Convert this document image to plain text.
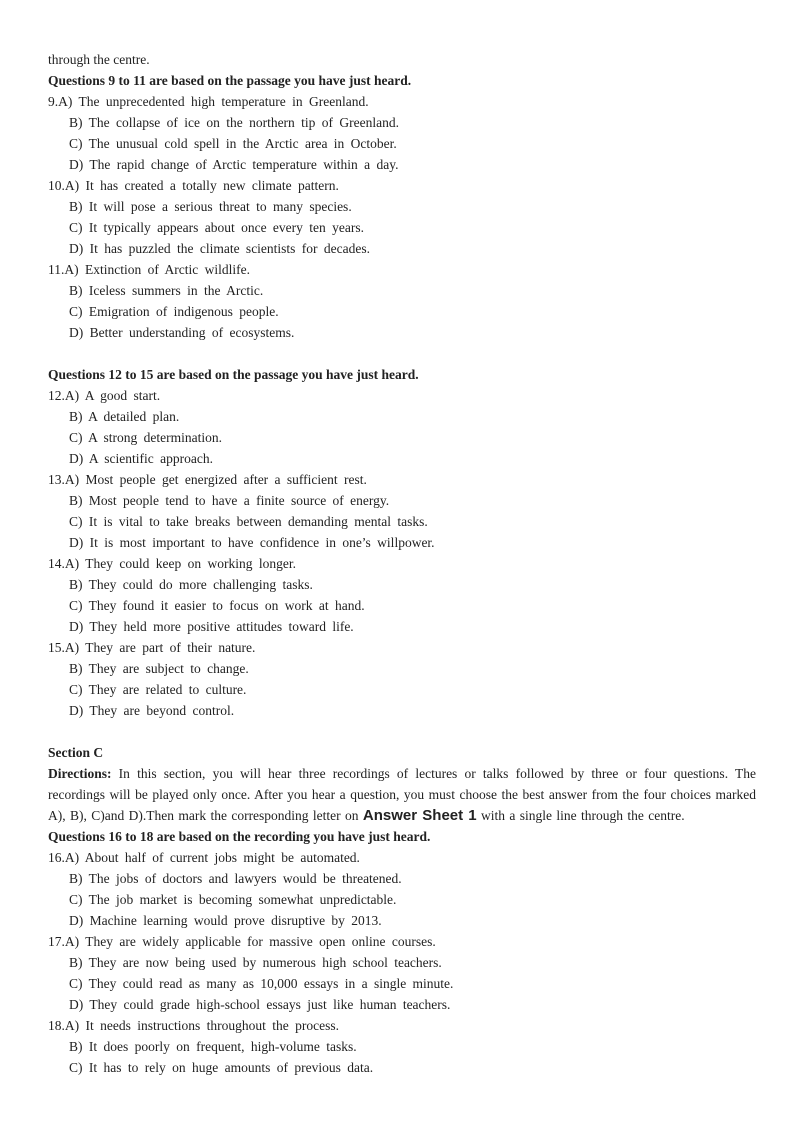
through the centre.
Questions 9 to 11 are based on the passage you have just heard.
9.A) The unprecedented high temperature in Greenland.
B) The collapse of ice on the northern tip of Greenland.
C) The unusual cold spell in the Arctic area in October.
D) The rapid change of Arctic temperature within a day.
10.A) It has created a totally new climate pattern.
B) It will pose a serious threat to many species.
C) It typically appears about once every ten years.
D) It has puzzled the climate scientists for decades.
11.A) Extinction of Arctic wildlife.
B) Iceless summers in the Arctic.
C) Emigration of indigenous people.
D) Better understanding of ecosystems.
Questions 12 to 15 are based on the passage you have just heard.
12.A) A good start.
B) A detailed plan.
C) A strong determination.
D) A scientific approach.
13.A) Most people get energized after a sufficient rest.
B) Most people tend to have a finite source of energy.
C) It is vital to take breaks between demanding mental tasks.
D) It is most important to have confidence in one’s willpower.
14.A) They could keep on working longer.
B) They could do more challenging tasks.
C) They found it easier to focus on work at hand.
D) They held more positive attitudes toward life.
15.A) They are part of their nature.
B) They are subject to change.
C) They are related to culture.
D) They are beyond control.
Section C
Directions: In this section, you will hear three recordings of lectures or talks followed by three or four questions. The recordings will be played only once. After you hear a question, you must choose the best answer from the four choices marked A), B), C)and D).Then mark the corresponding letter on Answer Sheet 1 with a single line through the centre.
Questions 16 to 18 are based on the recording you have just heard.
16.A) About half of current jobs might be automated.
B) The jobs of doctors and lawyers would be threatened.
C) The job market is becoming somewhat unpredictable.
D) Machine learning would prove disruptive by 2013.
17.A) They are widely applicable for massive open online courses.
B) They are now being used by numerous high school teachers.
C) They could read as many as 10,000 essays in a single minute.
D) They could grade high-school essays just like human teachers.
18.A) It needs instructions throughout the process.
B) It does poorly on frequent, high-volume tasks.
C) It has to rely on huge amounts of previous data.
